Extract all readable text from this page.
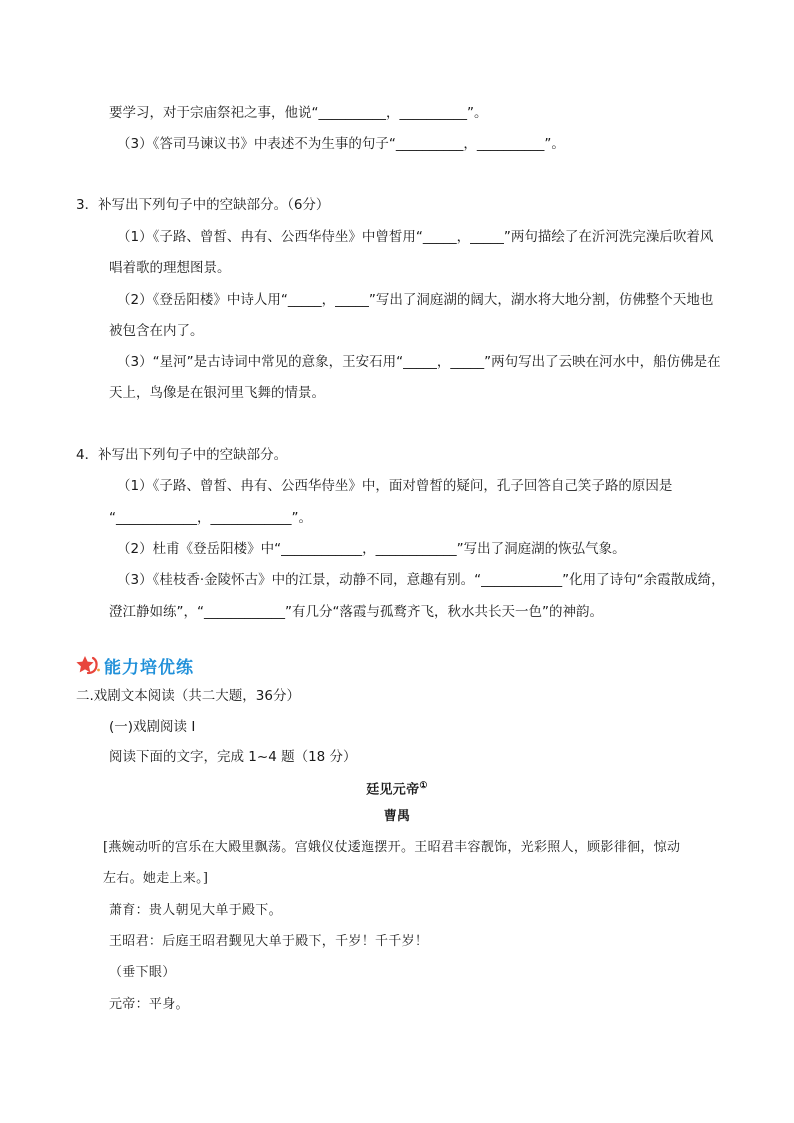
要学习，对于宗庙祭祀之事，他说“__________，__________”。
（3）《答司马谏议书》中表述不为生事的句子“__________，__________”。
3．补写出下列句子中的空缺部分。（6分）
（1）《子路、曾皙、冉有、公西华侍坐》中曾皙用“_____，_____”两句描绘了在沂河洗完澡后吹着风
唱着歌的理想图景。
（2）《登岳阳楼》中诗人用“_____，_____”写出了洞庭湖的阔大，湖水将大地分割，仿佛整个天地也
被包含在内了。
（3）“星河”是古诗词中常见的意象，王安石用“_____，_____”两句写出了云映在河水中，船仿佛是在
天上，鸟像是在银河里飞舞的情景。
4．补写出下列句子中的空缺部分。
（1）《子路、曾皙、冉有、公西华侍坐》中，面对曾皙的疑问，孔子回答自己笑子路的原因是
“____________，____________”。
（2）杜甫《登岳阳楼》中“____________，____________”写出了洞庭湖的恢弘气象。
（3）《桂枝香·金陵怀古》中的江景，动静不同，意趣有别。“____________”化用了诗句“余霞散成绮，
澄江静如练”，“____________”有几分“落霞与孤鹜齐飞，秋水共长天一色”的神韵。
能力培优练
二.戏剧文本阅读（共二大题，36分）
(一)戏剧阅读 I
阅读下面的文字，完成 1~4 题（18 分）
廷见元帝①
曹禺
[燕婉动听的宫乐在大殿里飘荡。宫娥仪仗逶迤摆开。王昭君丰容靓饰，光彩照人，顾影徘徊，惊动
左右。她走上来。]
萧育：贵人朝见大单于殿下。
王昭君：后庭王昭君觐见大单于殿下，千岁！千千岁！
（垂下眼）
元帝：平身。
